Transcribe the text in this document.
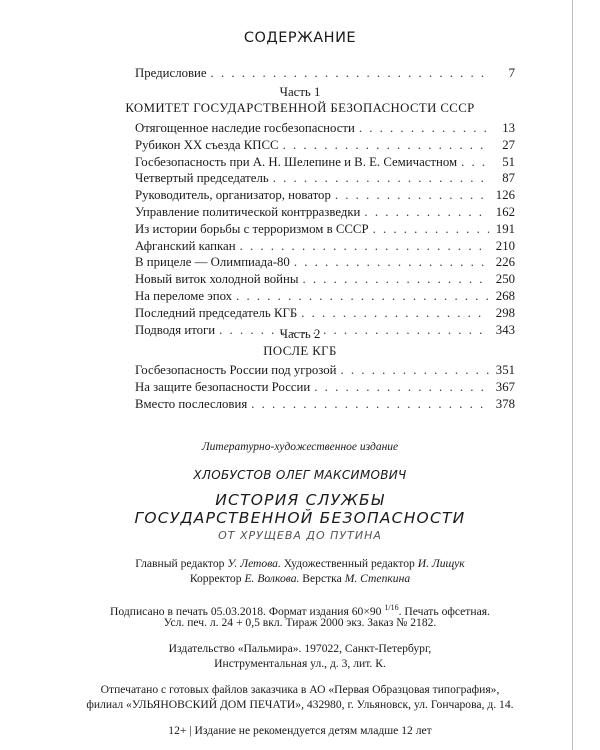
СОДЕРЖАНИЕ
Предисловие . . .	7
Часть 1
КОМИТЕТ ГОСУДАРСТВЕННОЙ БЕЗОПАСНОСТИ СССР
Отягощенное наследие госбезопасности . . .	13
Рубикон XX съезда КПСС . . .	27
Госбезопасность при А. Н. Шелепине и В. Е. Семичастном . . .	51
Четвертый председатель . . .	87
Руководитель, организатор, новатор . . .	126
Управление политической контрразведки . . .	162
Из истории борьбы с терроризмом в СССР . . .	191
Афганский капкан . . .	210
В прицеле — Олимпиада-80 . . .	226
Новый виток холодной войны . . .	250
На переломе эпох . . .	268
Последний председатель КГБ . . .	298
Подводя итоги . . .	343
Часть 2
ПОСЛЕ КГБ
Госбезопасность России под угрозой . . .	351
На защите безопасности России . . .	367
Вместо послесловия . . .	378
Литературно-художественное издание
ХЛОБУСТОВ ОЛЕГ МАКСИМОВИЧ
ИСТОРИЯ СЛУЖБЫ
ГОСУДАРСТВЕННОЙ БЕЗОПАСНОСТИ
ОТ ХРУЩЕВА ДО ПУТИНА
Главный редактор У. Летова. Художественный редактор И. Лищук
Корректор Е. Волкова. Верстка М. Степкина
Подписано в печать 05.03.2018. Формат издания 60×90 $^{1/16}$. Печать офсетная.
Усл. печ. л. 24 + 0,5 вкл. Тираж 2000 экз. Заказ № 2182.
Издательство «Пальмира». 197022, Санкт-Петербург,
Инструментальная ул., д. 3, лит. К.
Отпечатано с готовых файлов заказчика в АО «Первая Образцовая типография»,
филиал «УЛЬЯНОВСКИЙ ДОМ ПЕЧАТИ», 432980, г. Ульяновск, ул. Гончарова, д. 14.
12+ | Издание не рекомендуется детям младше 12 лет
